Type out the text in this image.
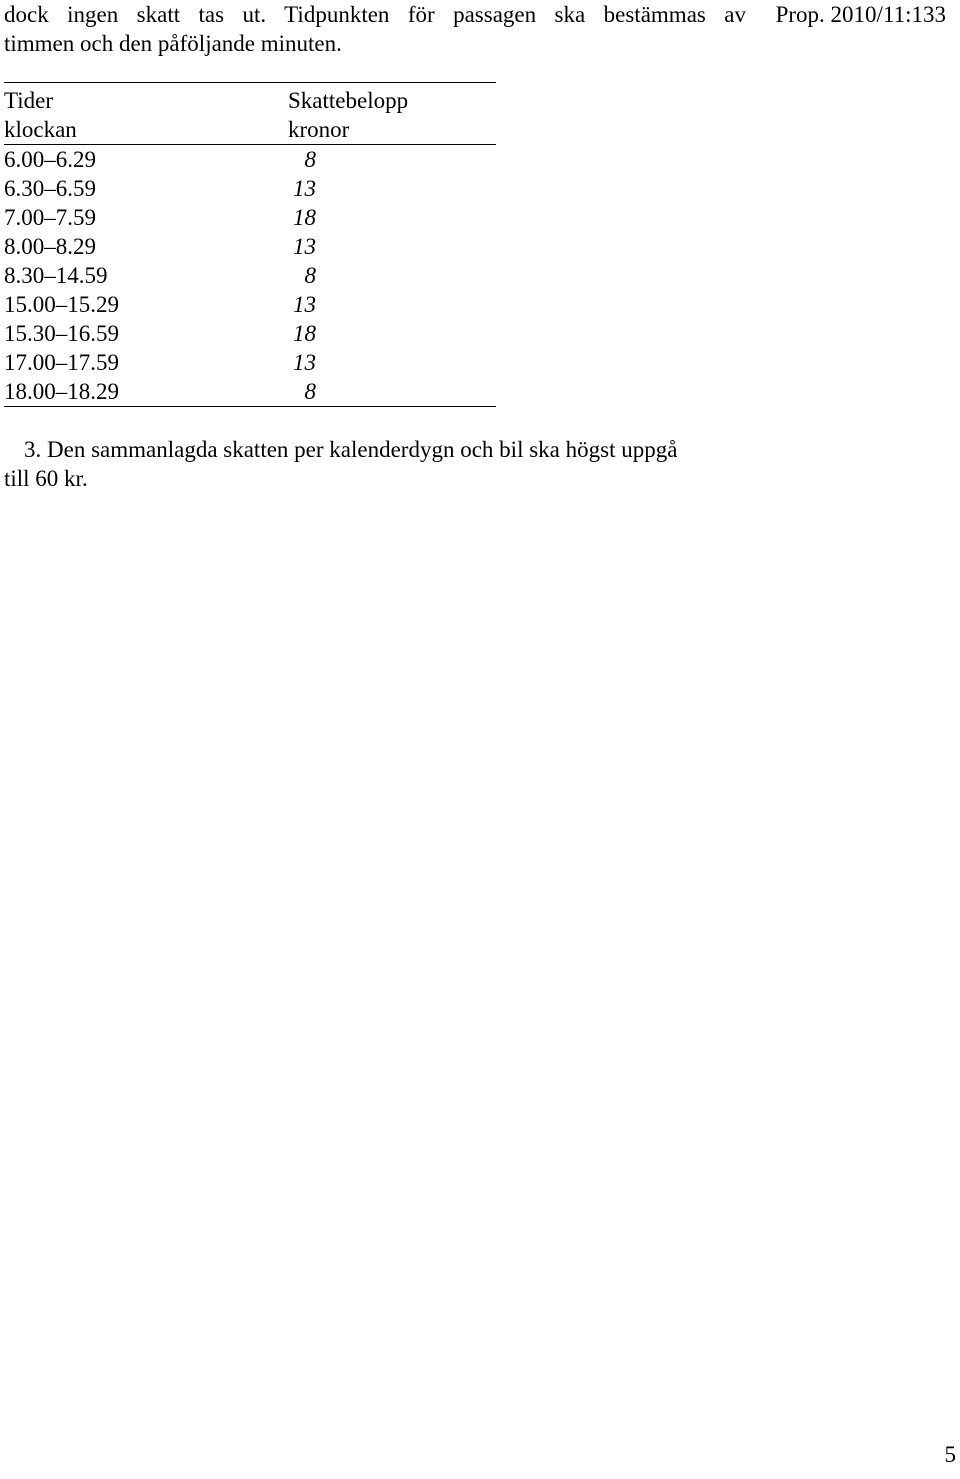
dock ingen skatt tas ut. Tidpunkten för passagen ska bestämmas av
timmen och den påföljande minuten.
Prop. 2010/11:133
Tider	Skattebelopp
klockan	kronor
6.00–6.29	8
6.30–6.59	13
7.00–7.59	18
8.00–8.29	13
8.30–14.59	8
15.00–15.29	13
15.30–16.59	18
17.00–17.59	13
18.00–18.29	8
3. Den sammanlagda skatten per kalenderdygn och bil ska högst uppgå
till 60 kr.
5
